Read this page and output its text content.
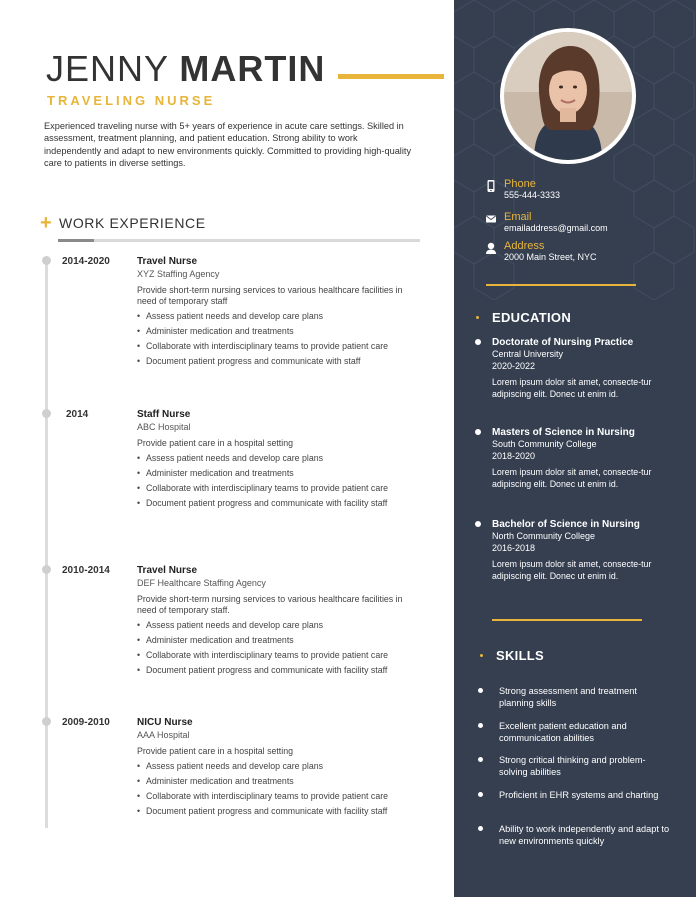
JENNY MARTIN
TRAVELING NURSE
Experienced traveling nurse with 5+ years of experience in acute care settings. Skilled in assessment, treatment planning, and patient education. Strong ability to work independently and adapt to new environments quickly. Committed to providing high-quality care to patients in diverse settings.
+ WORK EXPERIENCE
2014-2020	Travel Nurse
XYZ Staffing Agency
Provide short-term nursing services to various healthcare facilities in need of temporary staff
• Assess patient needs and develop care plans
• Administer medication and treatments
• Collaborate with interdisciplinary teams to provide patient care
• Document patient progress and communicate with staff
2014	Staff Nurse
ABC Hospital
Provide patient care in a hospital setting
• Assess patient needs and develop care plans
• Administer medication and treatments
• Collaborate with interdisciplinary teams to provide patient care
• Document patient progress and communicate with facility staff
2010-2014	Travel Nurse
DEF Healthcare Staffing Agency
Provide short-term nursing services to various healthcare facilities in need of temporary staff.
• Assess patient needs and develop care plans
• Administer medication and treatments
• Collaborate with interdisciplinary teams to provide patient care
• Document patient progress and communicate with facility staff
2009-2010	NICU Nurse
AAA Hospital
Provide patient care in a hospital setting
• Assess patient needs and develop care plans
• Administer medication and treatments
• Collaborate with interdisciplinary teams to provide patient care
• Document patient progress and communicate with facility staff
Phone
555-444-3333
Email
emailaddress@gmail.com
Address
2000 Main Street, NYC
EDUCATION
Doctorate of Nursing Practice
Central University
2020-2022
Lorem ipsum dolor sit amet, consecte-tur adipiscing elit. Donec ut enim id.
Masters of Science in Nursing
South Community College
2018-2020
Lorem ipsum dolor sit amet, consecte-tur adipiscing elit. Donec ut enim id.
Bachelor of Science in Nursing
North Community College
2016-2018
Lorem ipsum dolor sit amet, consecte-tur adipiscing elit. Donec ut enim id.
SKILLS
Strong assessment and treatment planning skills
Excellent patient education and communication abilities
Strong critical thinking and problem-solving abilities
Proficient in EHR systems and charting
Ability to work independently and adapt to new environments quickly
